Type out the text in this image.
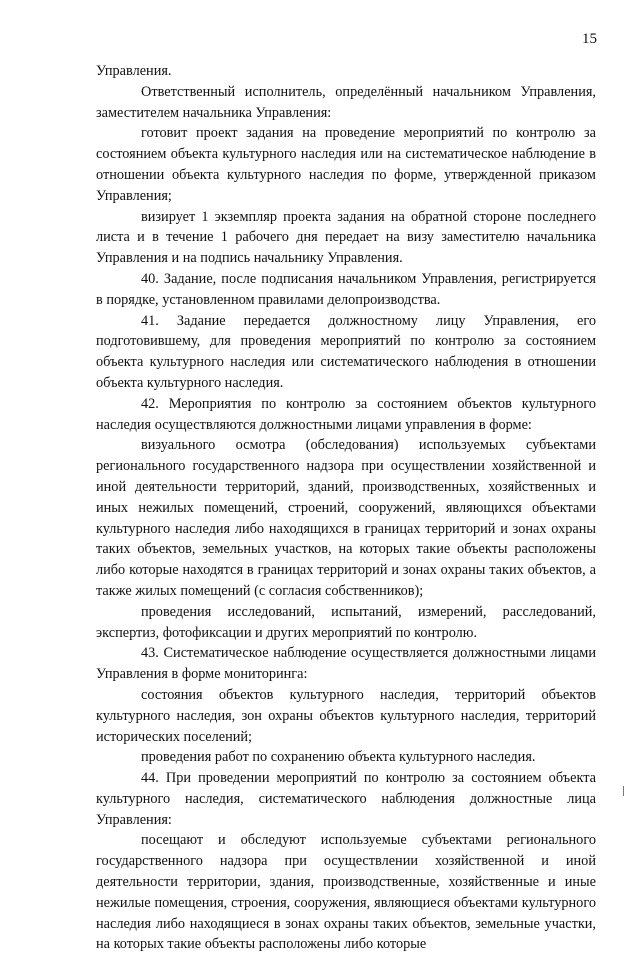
15

Управления.

Ответственный исполнитель, определённый начальником Управления, заместителем начальника Управления:

готовит проект задания на проведение мероприятий по контролю за состоянием объекта культурного наследия или на систематическое наблюдение в отношении объекта культурного наследия по форме, утвержденной приказом Управления;

визирует 1 экземпляр проекта задания на обратной стороне последнего листа и в течение 1 рабочего дня передает на визу заместителю начальника Управления и на подпись начальнику Управления.

40. Задание, после подписания начальником Управления, регистрируется в порядке, установленном правилами делопроизводства.

41. Задание передается должностному лицу Управления, его подготовившему, для проведения мероприятий по контролю за состоянием объекта культурного наследия или систематического наблюдения в отношении объекта культурного наследия.

42. Мероприятия по контролю за состоянием объектов культурного наследия осуществляются должностными лицами управления в форме:

визуального осмотра (обследования) используемых субъектами регионального государственного надзора при осуществлении хозяйственной и иной деятельности территорий, зданий, производственных, хозяйственных и иных нежилых помещений, строений, сооружений, являющихся объектами культурного наследия либо находящихся в границах территорий и зонах охраны таких объектов, земельных участков, на которых такие объекты расположены либо которые находятся в границах территорий и зонах охраны таких объектов, а также жилых помещений (с согласия собственников);

проведения исследований, испытаний, измерений, расследований, экспертиз, фотофиксации и других мероприятий по контролю.

43. Систематическое наблюдение осуществляется должностными лицами Управления в форме мониторинга:

состояния объектов культурного наследия, территорий объектов культурного наследия, зон охраны объектов культурного наследия, территорий исторических поселений;

проведения работ по сохранению объекта культурного наследия.

44. При проведении мероприятий по контролю за состоянием объекта культурного наследия, систематического наблюдения должностные лица Управления:

посещают и обследуют используемые субъектами регионального государственного надзора при осуществлении хозяйственной и иной деятельности территории, здания, производственные, хозяйственные и иные нежилые помещения, строения, сооружения, являющиеся объектами культурного наследия либо находящиеся в зонах охраны таких объектов, земельные участки, на которых такие объекты расположены либо которые
